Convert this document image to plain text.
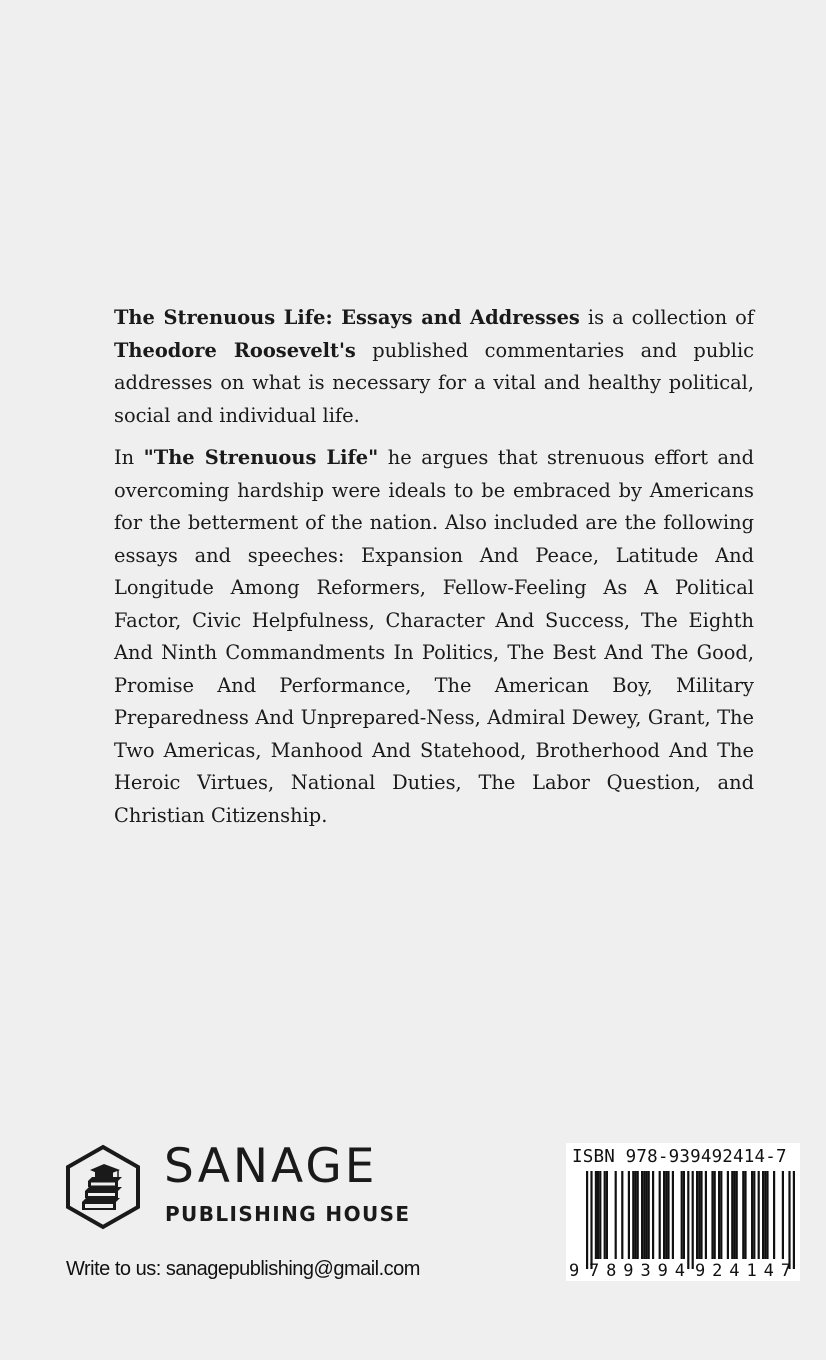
The Strenuous Life: Essays and Addresses is a collection of Theodore Roosevelt's published commentaries and public addresses on what is necessary for a vital and healthy political, social and individual life.

In "The Strenuous Life" he argues that strenuous effort and overcoming hardship were ideals to be embraced by Americans for the betterment of the nation. Also included are the following essays and speeches: Expansion And Peace, Latitude And Longitude Among Reformers, Fellow-Feeling As A Political Factor, Civic Helpfulness, Character And Success, The Eighth And Ninth Commandments In Politics, The Best And The Good, Promise And Performance, The American Boy, Military Preparedness And Unprepared-Ness, Admiral Dewey, Grant, The Two Americas, Manhood And Statehood, Brotherhood And The Heroic Virtues, National Duties, The Labor Question, and Christian Citizenship.

SANAGE
PUBLISHING HOUSE
Write to us: sanagepublishing@gmail.com
ISBN 978-939492414-7
9 789394 924147
